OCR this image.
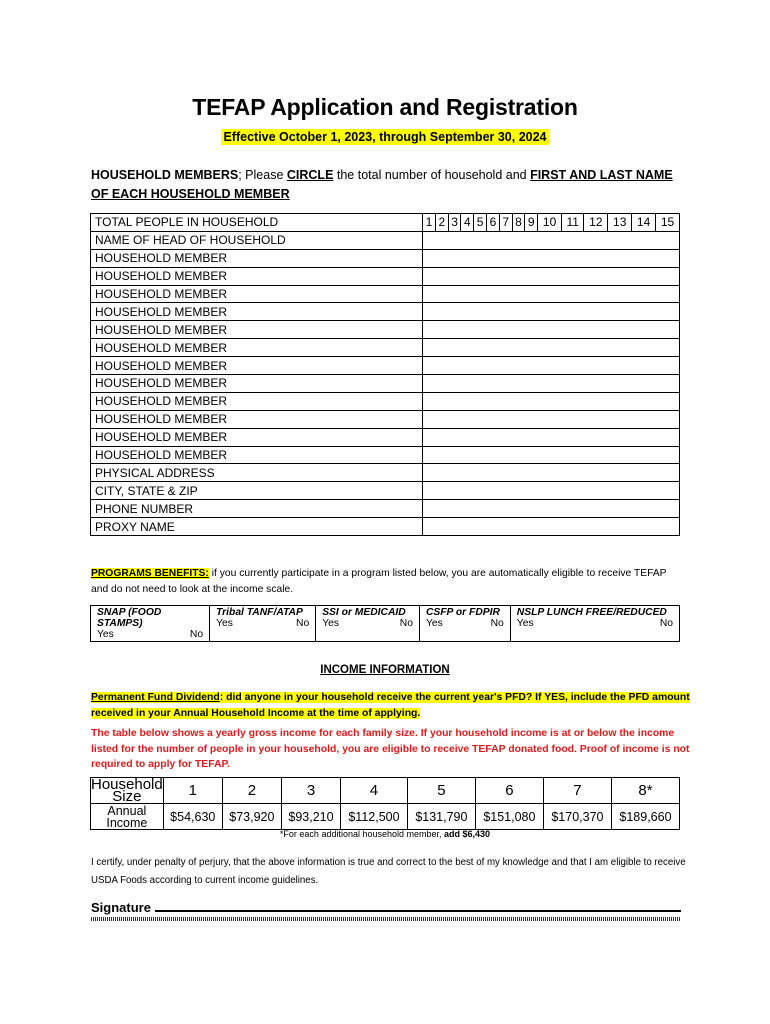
TEFAP Application and Registration
Effective October 1, 2023, through September 30, 2024
HOUSEHOLD MEMBERS; Please CIRCLE the total number of household and FIRST AND LAST NAME OF EACH HOUSEHOLD MEMBER
TOTAL PEOPLE IN HOUSEHOLD	1	2	3	4	5	6	7	8	9	10	11	12	13	14	15
NAME OF HEAD OF HOUSEHOLD															
HOUSEHOLD MEMBER															
HOUSEHOLD MEMBER															
HOUSEHOLD MEMBER															
HOUSEHOLD MEMBER															
HOUSEHOLD MEMBER															
HOUSEHOLD MEMBER															
HOUSEHOLD MEMBER															
HOUSEHOLD MEMBER															
HOUSEHOLD MEMBER															
HOUSEHOLD MEMBER															
HOUSEHOLD MEMBER															
HOUSEHOLD MEMBER															
PHYSICAL ADDRESS															
CITY, STATE & ZIP															
PHONE NUMBER															
PROXY NAME															
PROGRAMS BENEFITS: if you currently participate in a program listed below, you are automatically eligible to receive TEFAP and do not need to look at the income scale.
SNAP (FOOD STAMPS)
Yes	No

Tribal TANF/ATAP
Yes	No

SSI or MEDICAID
Yes	No

CSFP or FDPIR
Yes	No

NSLP LUNCH FREE/REDUCED
Yes	No
INCOME INFORMATION
Permanent Fund Dividend: did anyone in your household receive the current year's PFD? If YES, include the PFD amount received in your Annual Household Income at the time of applying.
The table below shows a yearly gross income for each family size. If your household income is at or below the income listed for the number of people in your household, you are eligible to receive TEFAP donated food. Proof of income is not required to apply for TEFAP.
Household Size	1	2	3	4	5	6	7	8*
Annual Income	$54,630	$73,920	$93,210	$112,500	$131,790	$151,080	$170,370	$189,660
*For each additional household member, add $6,430
I certify, under penalty of perjury, that the above information is true and correct to the best of my knowledge and that I am eligible to receive USDA Foods according to current income guidelines.
Signature
